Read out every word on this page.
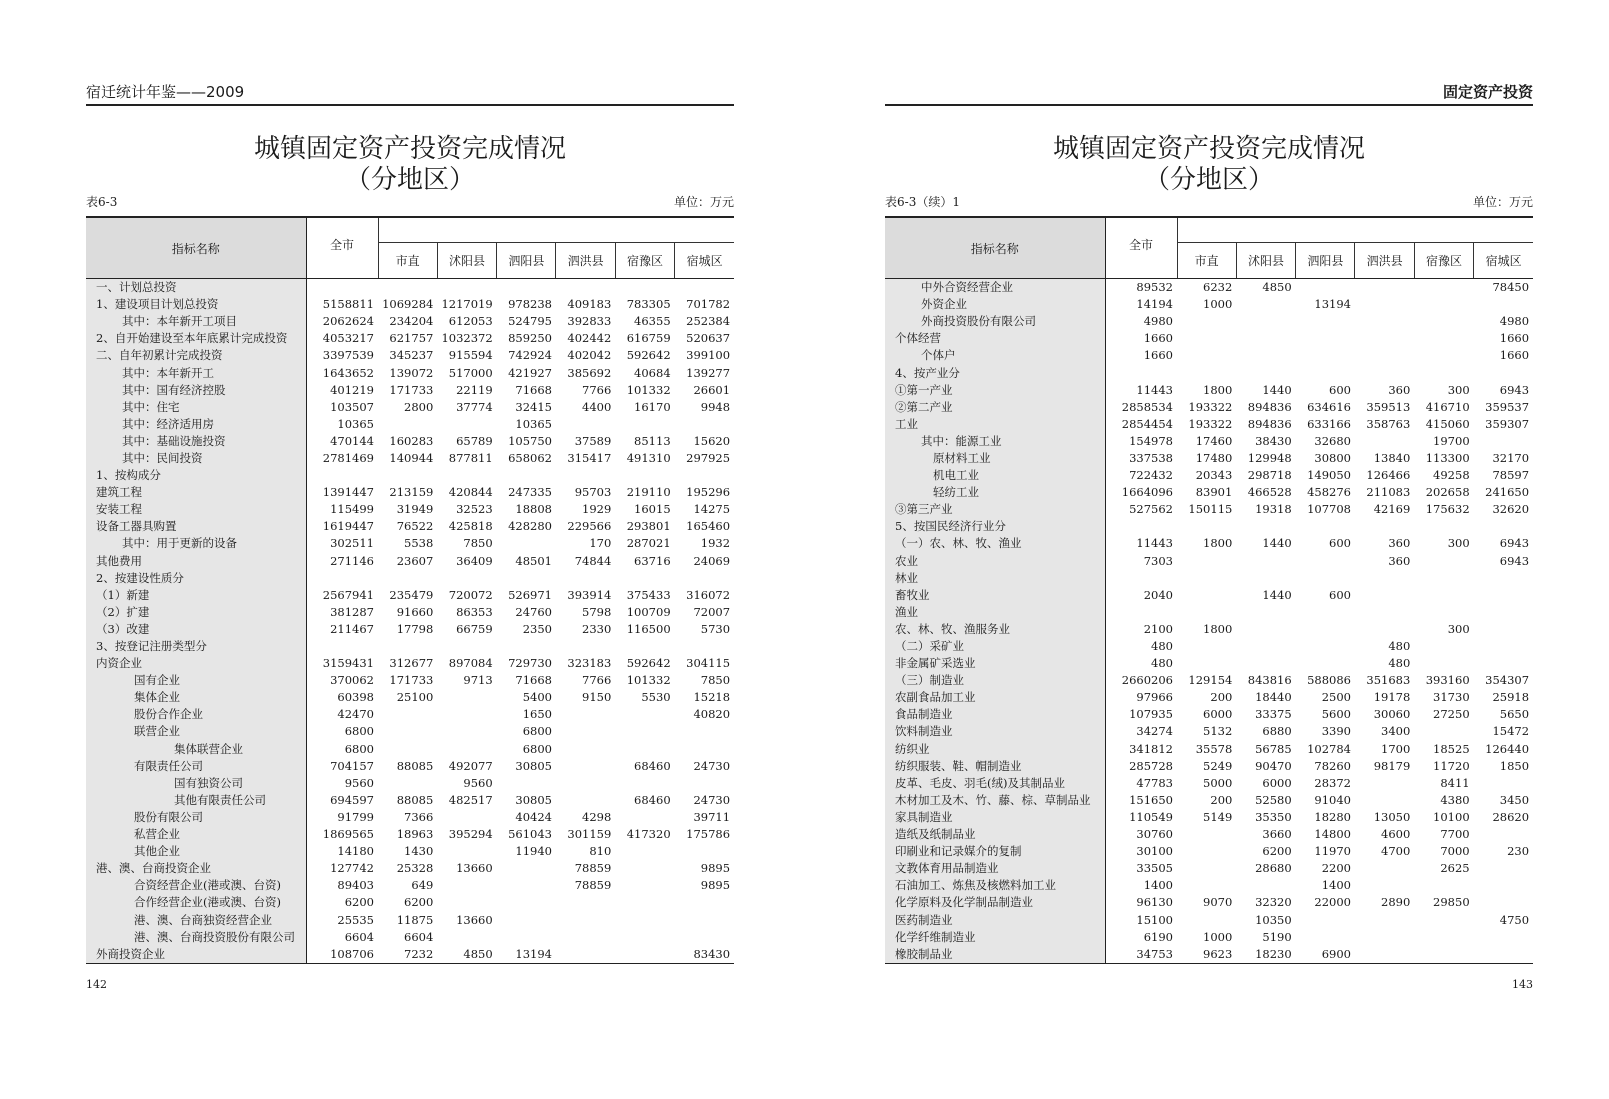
宿迁统计年鉴——2009
城镇固定资产投资完成情况
（分地区）
表6-3	单位：万元
指标名称	全市						
		市直	沭阳县	泗阳县	泗洪县	宿豫区	宿城区
一、计划总投资							
1、建设项目计划总投资	5158811	1069284	1217019	978238	409183	783305	701782
其中：本年新开工项目	2062624	234204	612053	524795	392833	46355	252384
2、自开始建设至本年底累计完成投资	4053217	621757	1032372	859250	402442	616759	520637
二、自年初累计完成投资	3397539	345237	915594	742924	402042	592642	399100
其中：本年新开工	1643652	139072	517000	421927	385692	40684	139277
其中：国有经济控股	401219	171733	22119	71668	7766	101332	26601
其中：住宅	103507	2800	37774	32415	4400	16170	9948
其中：经济适用房	10365			10365			
其中：基础设施投资	470144	160283	65789	105750	37589	85113	15620
其中：民间投资	2781469	140944	877811	658062	315417	491310	297925
1、按构成分							
建筑工程	1391447	213159	420844	247335	95703	219110	195296
安装工程	115499	31949	32523	18808	1929	16015	14275
设备工器具购置	1619447	76522	425818	428280	229566	293801	165460
其中：用于更新的设备	302511	5538	7850		170	287021	1932
其他费用	271146	23607	36409	48501	74844	63716	24069
2、按建设性质分							
（1）新建	2567941	235479	720072	526971	393914	375433	316072
（2）扩建	381287	91660	86353	24760	5798	100709	72007
（3）改建	211467	17798	66759	2350	2330	116500	5730
3、按登记注册类型分							
内资企业	3159431	312677	897084	729730	323183	592642	304115
国有企业	370062	171733	9713	71668	7766	101332	7850
集体企业	60398	25100		5400	9150	5530	15218
股份合作企业	42470			1650			40820
联营企业	6800			6800			
集体联营企业	6800			6800			
有限责任公司	704157	88085	492077	30805		68460	24730
国有独资公司	9560		9560				
其他有限责任公司	694597	88085	482517	30805		68460	24730
股份有限公司	91799	7366		40424	4298		39711
私营企业	1869565	18963	395294	561043	301159	417320	175786
其他企业	14180	1430		11940	810		
港、澳、台商投资企业	127742	25328	13660		78859		9895
合资经营企业(港或澳、台资)	89403	649			78859		9895
合作经营企业(港或澳、台资)	6200	6200					
港、澳、台商独资经营企业	25535	11875	13660				
港、澳、台商投资股份有限公司	6604	6604					
外商投资企业	108706	7232	4850	13194			83430
142
固定资产投资
城镇固定资产投资完成情况
（分地区）
表6-3（续）1	单位：万元
指标名称	全市						
		市直	沭阳县	泗阳县	泗洪县	宿豫区	宿城区
中外合资经营企业	89532	6232	4850				78450
外资企业	14194	1000		13194			
外商投资股份有限公司	4980						4980
个体经营	1660						1660
个体户	1660						1660
4、按产业分							
①第一产业	11443	1800	1440	600	360	300	6943
②第二产业	2858534	193322	894836	634616	359513	416710	359537
工业	2854454	193322	894836	633166	358763	415060	359307
其中：能源工业	154978	17460	38430	32680		19700	
原材料工业	337538	17480	129948	30800	13840	113300	32170
机电工业	722432	20343	298718	149050	126466	49258	78597
轻纺工业	1664096	83901	466528	458276	211083	202658	241650
③第三产业	527562	150115	19318	107708	42169	175632	32620
5、按国民经济行业分							
（一）农、林、牧、渔业	11443	1800	1440	600	360	300	6943
农业	7303				360		6943
林业							
畜牧业	2040		1440	600			
渔业							
农、林、牧、渔服务业	2100	1800				300	
（二）采矿业	480				480		
非金属矿采选业	480				480		
（三）制造业	2660206	129154	843816	588086	351683	393160	354307
农副食品加工业	97966	200	18440	2500	19178	31730	25918
食品制造业	107935	6000	33375	5600	30060	27250	5650
饮料制造业	34274	5132	6880	3390	3400		15472
纺织业	341812	35578	56785	102784	1700	18525	126440
纺织服装、鞋、帽制造业	285728	5249	90470	78260	98179	11720	1850
皮革、毛皮、羽毛(绒)及其制品业	47783	5000	6000	28372		8411	
木材加工及木、竹、藤、棕、草制品业	151650	200	52580	91040		4380	3450
家具制造业	110549	5149	35350	18280	13050	10100	28620
造纸及纸制品业	30760		3660	14800	4600	7700	
印刷业和记录媒介的复制	30100		6200	11970	4700	7000	230
文教体育用品制造业	33505		28680	2200		2625	
石油加工、炼焦及核燃料加工业	1400			1400			
化学原料及化学制品制造业	96130	9070	32320	22000	2890	29850	
医药制造业	15100		10350				4750
化学纤维制造业	6190	1000	5190				
橡胶制品业	34753	9623	18230	6900			
143
